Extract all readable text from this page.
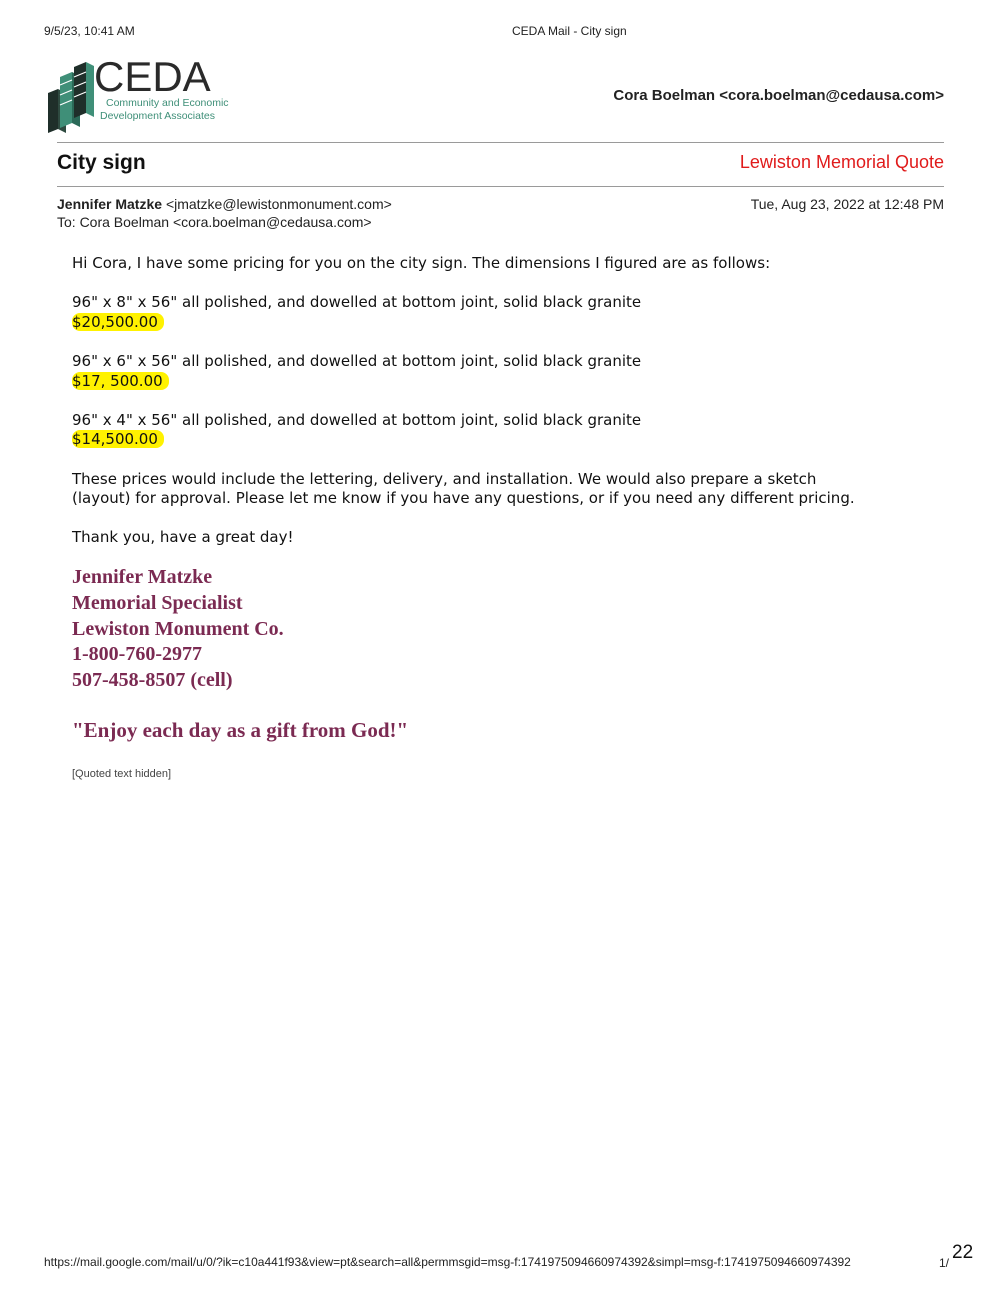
9/5/23, 10:41 AM	CEDA Mail - City sign
CEDA
Community and Economic
Development Associates
Cora Boelman <cora.boelman@cedausa.com>
City sign	Lewiston Memorial Quote
Jennifer Matzke <jmatzke@lewistonmonument.com>	Tue, Aug 23, 2022 at 12:48 PM
To: Cora Boelman <cora.boelman@cedausa.com>

Hi Cora, I have some pricing for you on the city sign. The dimensions I figured are as follows:

96" x 8" x 56" all polished, and dowelled at bottom joint, solid black granite
$20,500.00

96" x 6" x 56" all polished, and dowelled at bottom joint, solid black granite
$17, 500.00

96" x 4" x 56" all polished, and dowelled at bottom joint, solid black granite
$14,500.00

These prices would include the lettering, delivery, and installation. We would also prepare a sketch
(layout) for approval. Please let me know if you have any questions, or if you need any different pricing.

Thank you, have a great day!

Jennifer Matzke
Memorial Specialist
Lewiston Monument Co.
1-800-760-2977
507-458-8507 (cell)
"Enjoy each day as a gift from God!"
[Quoted text hidden]
https://mail.google.com/mail/u/0/?ik=c10a441f93&view=pt&search=all&permmsgid=msg-f:1741975094660974392&simpl=msg-f:1741975094660974392	1/ 22
